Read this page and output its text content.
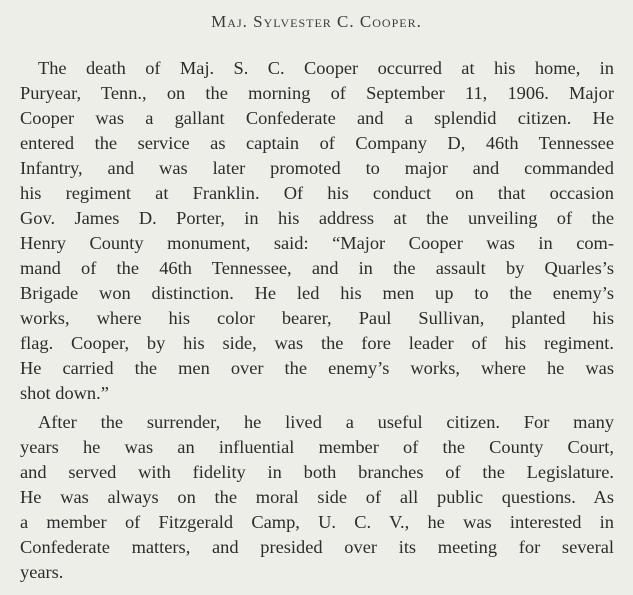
Maj. Sylvester C. Cooper.
The death of Maj. S. C. Cooper occurred at his home, in
Puryear, Tenn., on the morning of September 11, 1906. Major
Cooper was a gallant Confederate and a splendid citizen. He
entered the service as captain of Company D, 46th Tennessee
Infantry, and was later promoted to major and commanded
his regiment at Franklin. Of his conduct on that occasion
Gov. James D. Porter, in his address at the unveiling of the
Henry County monument, said: “Major Cooper was in com-
mand of the 46th Tennessee, and in the assault by Quarles’s
Brigade won distinction. He led his men up to the enemy’s
works, where his color bearer, Paul Sullivan, planted his
flag. Cooper, by his side, was the fore leader of his regiment.
He carried the men over the enemy’s works, where he was
shot down.”
After the surrender, he lived a useful citizen. For many
years he was an influential member of the County Court,
and served with fidelity in both branches of the Legislature.
He was always on the moral side of all public questions. As
a member of Fitzgerald Camp, U. C. V., he was interested in
Confederate matters, and presided over its meeting for several
years.
